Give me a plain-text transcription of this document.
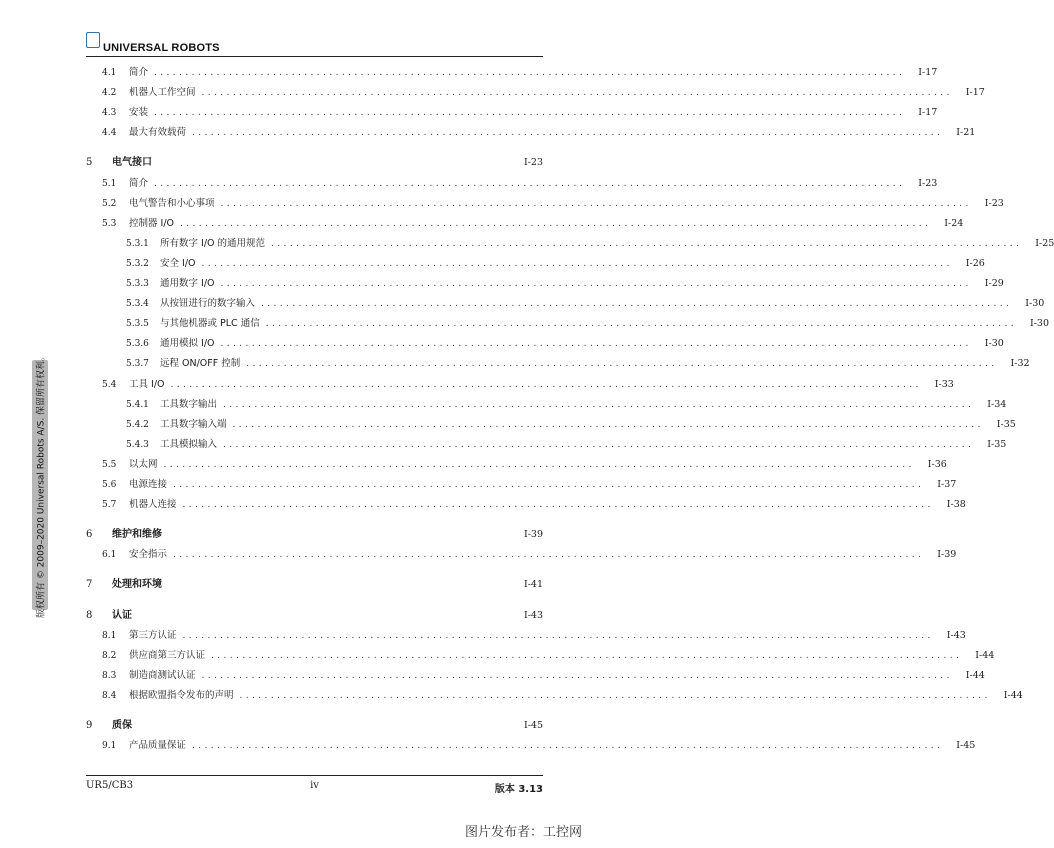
UNIVERSAL ROBOTS
4.1 简介 ........................................................................................................................	I-17
4.2 机器人工作空间 ........................................................................................................................	I-17
4.3 安装 ........................................................................................................................	I-17
4.4 最大有效载荷 ........................................................................................................................	I-21
5	电气接口	I-23
5.1 简介 ........................................................................................................................	I-23
5.2 电气警告和小心事项 ........................................................................................................................	I-23
5.3 控制器 I/O ........................................................................................................................	I-24
5.3.1 所有数字 I/O 的通用规范 ........................................................................................................................	I-25
5.3.2 安全 I/O ........................................................................................................................	I-26
5.3.3 通用数字 I/O ........................................................................................................................	I-29
5.3.4 从按钮进行的数字输入 ........................................................................................................................	I-30
5.3.5 与其他机器或 PLC 通信 ........................................................................................................................	I-30
5.3.6 通用模拟 I/O ........................................................................................................................	I-30
5.3.7 远程 ON/OFF 控制 ........................................................................................................................	I-32
5.4 工具 I/O ........................................................................................................................	I-33
5.4.1 工具数字输出 ........................................................................................................................	I-34
5.4.2 工具数字输入端 ........................................................................................................................	I-35
5.4.3 工具模拟输入 ........................................................................................................................	I-35
5.5 以太网 ........................................................................................................................	I-36
5.6 电源连接 ........................................................................................................................	I-37
5.7 机器人连接 ........................................................................................................................	I-38
6	维护和维修	I-39
6.1 安全指示 ........................................................................................................................	I-39
7	处理和环境	I-41
8	认证	I-43
8.1 第三方认证 ........................................................................................................................	I-43
8.2 供应商第三方认证 ........................................................................................................................	I-44
8.3 制造商测试认证 ........................................................................................................................	I-44
8.4 根据欧盟指令发布的声明 ........................................................................................................................	I-44
9	质保	I-45
9.1 产品质量保证 ........................................................................................................................	I-45
版权所有 © 2009–2020 Universal Robots A/S. 保留所有权利。
UR5/CB3	iv	版本 3.13
图片发布者：工控网
